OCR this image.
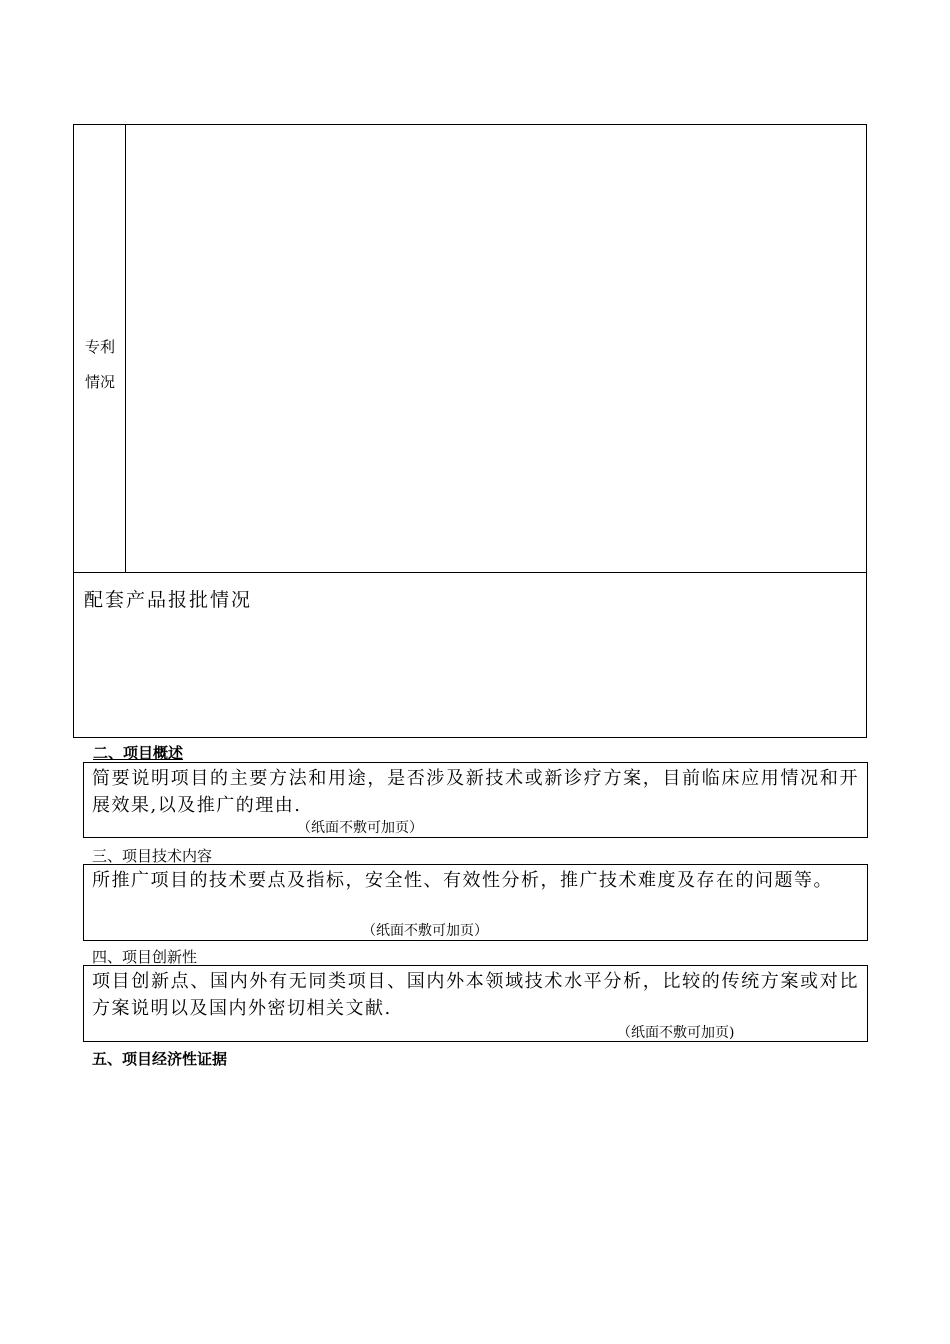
专利
情况
配套产品报批情况
二、项目概述
简要说明项目的主要方法和用途，是否涉及新技术或新诊疗方案，目前临床应用情况和开展效果,以及推广的理由.
（纸面不敷可加页）
三、项目技术内容
所推广项目的技术要点及指标，安全性、有效性分析，推广技术难度及存在的问题等。
（纸面不敷可加页）
四、项目创新性
项目创新点、国内外有无同类项目、国内外本领域技术水平分析，比较的传统方案或对比方案说明以及国内外密切相关文献.
（纸面不敷可加页)
五、项目经济性证据
